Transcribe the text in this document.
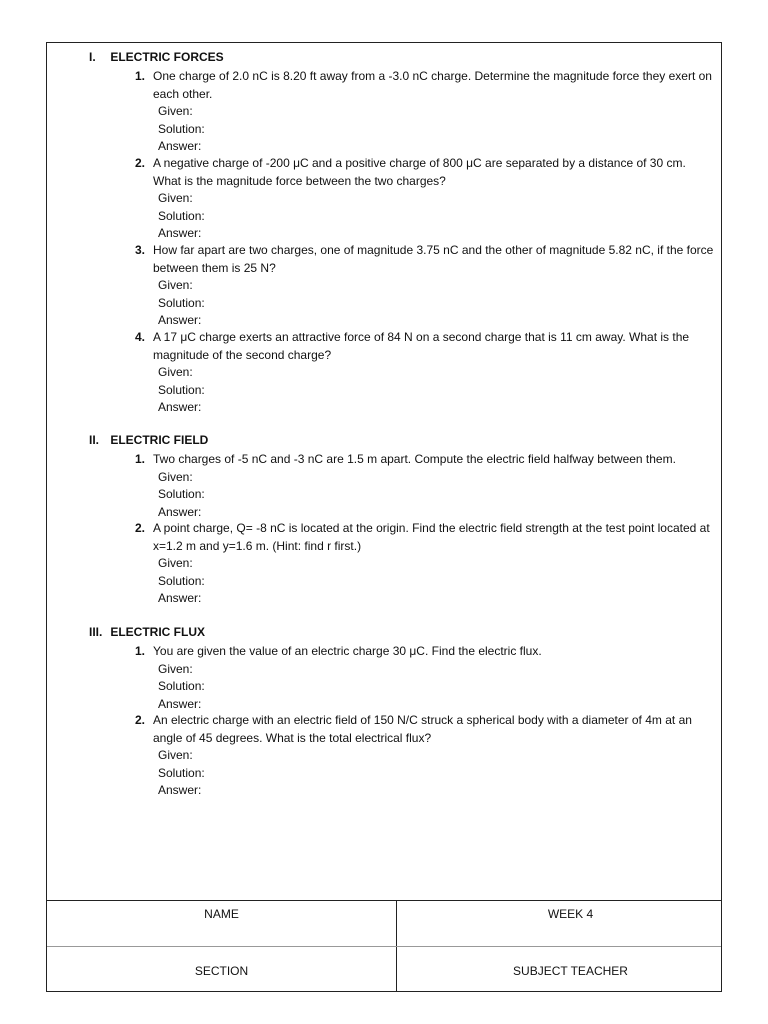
I. ELECTRIC FORCES
1. One charge of 2.0 nC is 8.20 ft away from a -3.0 nC charge. Determine the magnitude force they exert on each other.
Given:
Solution:
Answer:
2. A negative charge of -200 μC and a positive charge of 800 μC are separated by a distance of 30 cm. What is the magnitude force between the two charges?
Given:
Solution:
Answer:
3. How far apart are two charges, one of magnitude 3.75 nC and the other of magnitude 5.82 nC, if the force between them is 25 N?
Given:
Solution:
Answer:
4. A 17 μC charge exerts an attractive force of 84 N on a second charge that is 11 cm away. What is the magnitude of the second charge?
Given:
Solution:
Answer:
II. ELECTRIC FIELD
1. Two charges of -5 nC and -3 nC are 1.5 m apart. Compute the electric field halfway between them.
Given:
Solution:
Answer:
2. A point charge, Q= -8 nC is located at the origin. Find the electric field strength at the test point located at x=1.2 m and y=1.6 m. (Hint: find r first.)
Given:
Solution:
Answer:
III. ELECTRIC FLUX
1. You are given the value of an electric charge 30 μC. Find the electric flux.
Given:
Solution:
Answer:
2. An electric charge with an electric field of 150 N/C struck a spherical body with a diameter of 4m at an angle of 45 degrees. What is the total electrical flux?
Given:
Solution:
Answer:
NAME	WEEK 4
SECTION	SUBJECT TEACHER
